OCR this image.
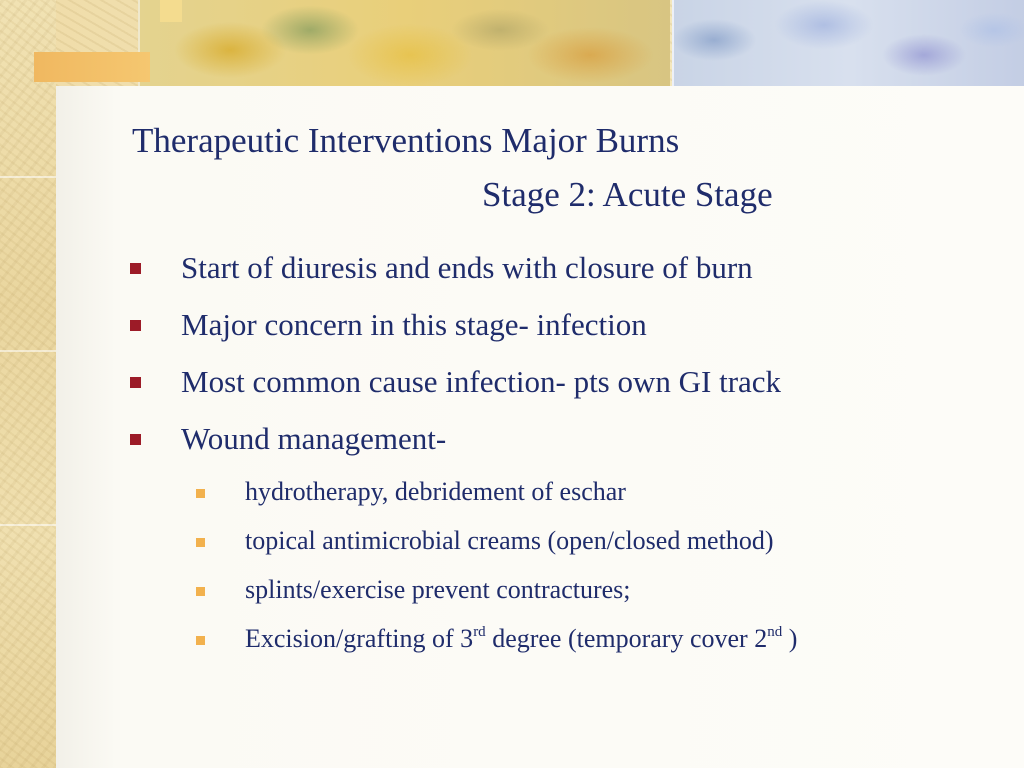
Therapeutic Interventions Major Burns
Stage 2: Acute Stage
Start of diuresis and ends with closure of burn
Major concern in this stage- infection
Most common cause infection- pts own GI track
Wound management-
hydrotherapy, debridement of eschar
topical antimicrobial creams (open/closed method)
splints/exercise prevent contractures;
Excision/grafting of 3rd degree (temporary cover 2nd )
